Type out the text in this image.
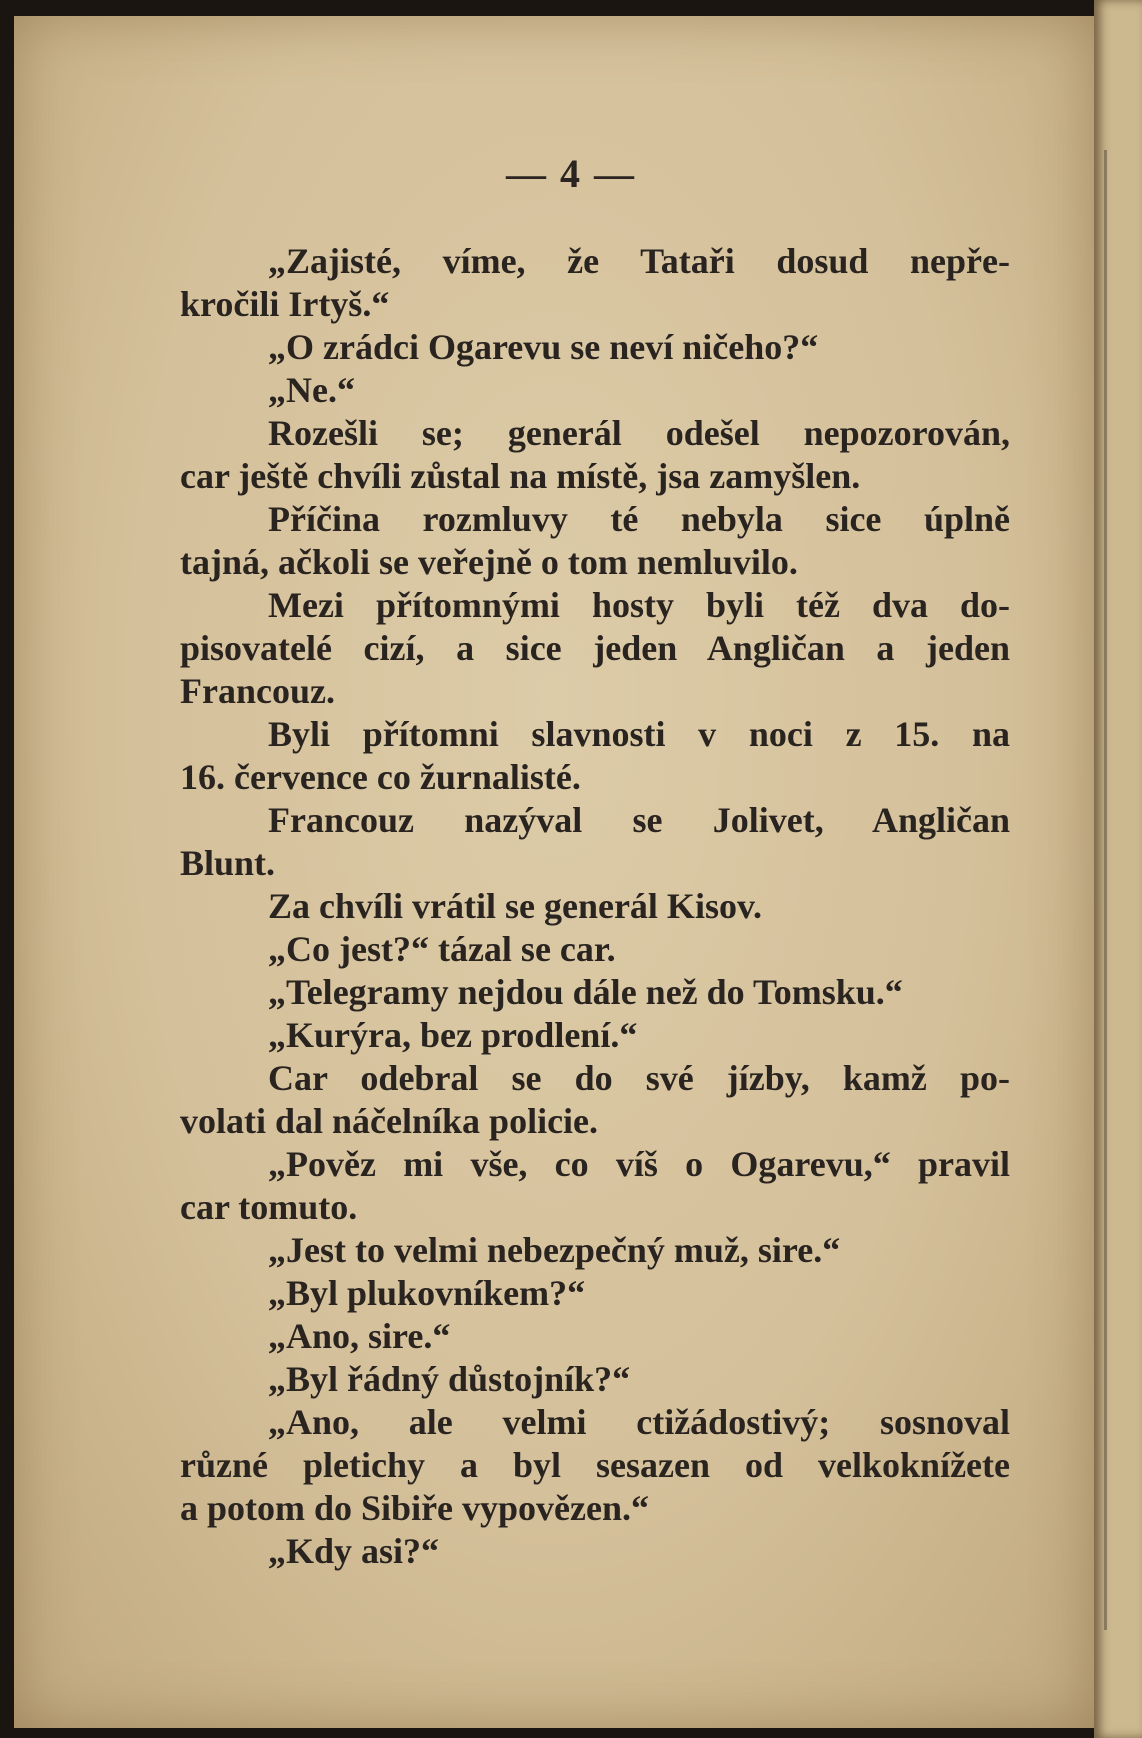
— 4 —
„Zajisté, víme, že Tataři dosud nepře-
kročili Irtyš.“
„O zrádci Ogarevu se neví ničeho?“
„Ne.“
Rozešli se; generál odešel nepozorován,
car ještě chvíli zůstal na místě, jsa zamyšlen.
Příčina rozmluvy té nebyla sice úplně
tajná, ačkoli se veřejně o tom nemluvilo.
Mezi přítomnými hosty byli též dva do-
pisovatelé cizí, a sice jeden Angličan a jeden
Francouz.
Byli přítomni slavnosti v noci z 15. na
16. července co žurnalisté.
Francouz nazýval se Jolivet, Angličan
Blunt.
Za chvíli vrátil se generál Kisov.
„Co jest?“ tázal se car.
„Telegramy nejdou dále než do Tomsku.“
„Kurýra, bez prodlení.“
Car odebral se do své jízby, kamž po-
volati dal náčelníka policie.
„Pověz mi vše, co víš o Ogarevu,“ pravil
car tomuto.
„Jest to velmi nebezpečný muž, sire.“
„Byl plukovníkem?“
„Ano, sire.“
„Byl řádný důstojník?“
„Ano, ale velmi ctižádostivý; sosnoval
různé pletichy a byl sesazen od velkoknížete
a potom do Sibiře vypovězen.“
„Kdy asi?“
